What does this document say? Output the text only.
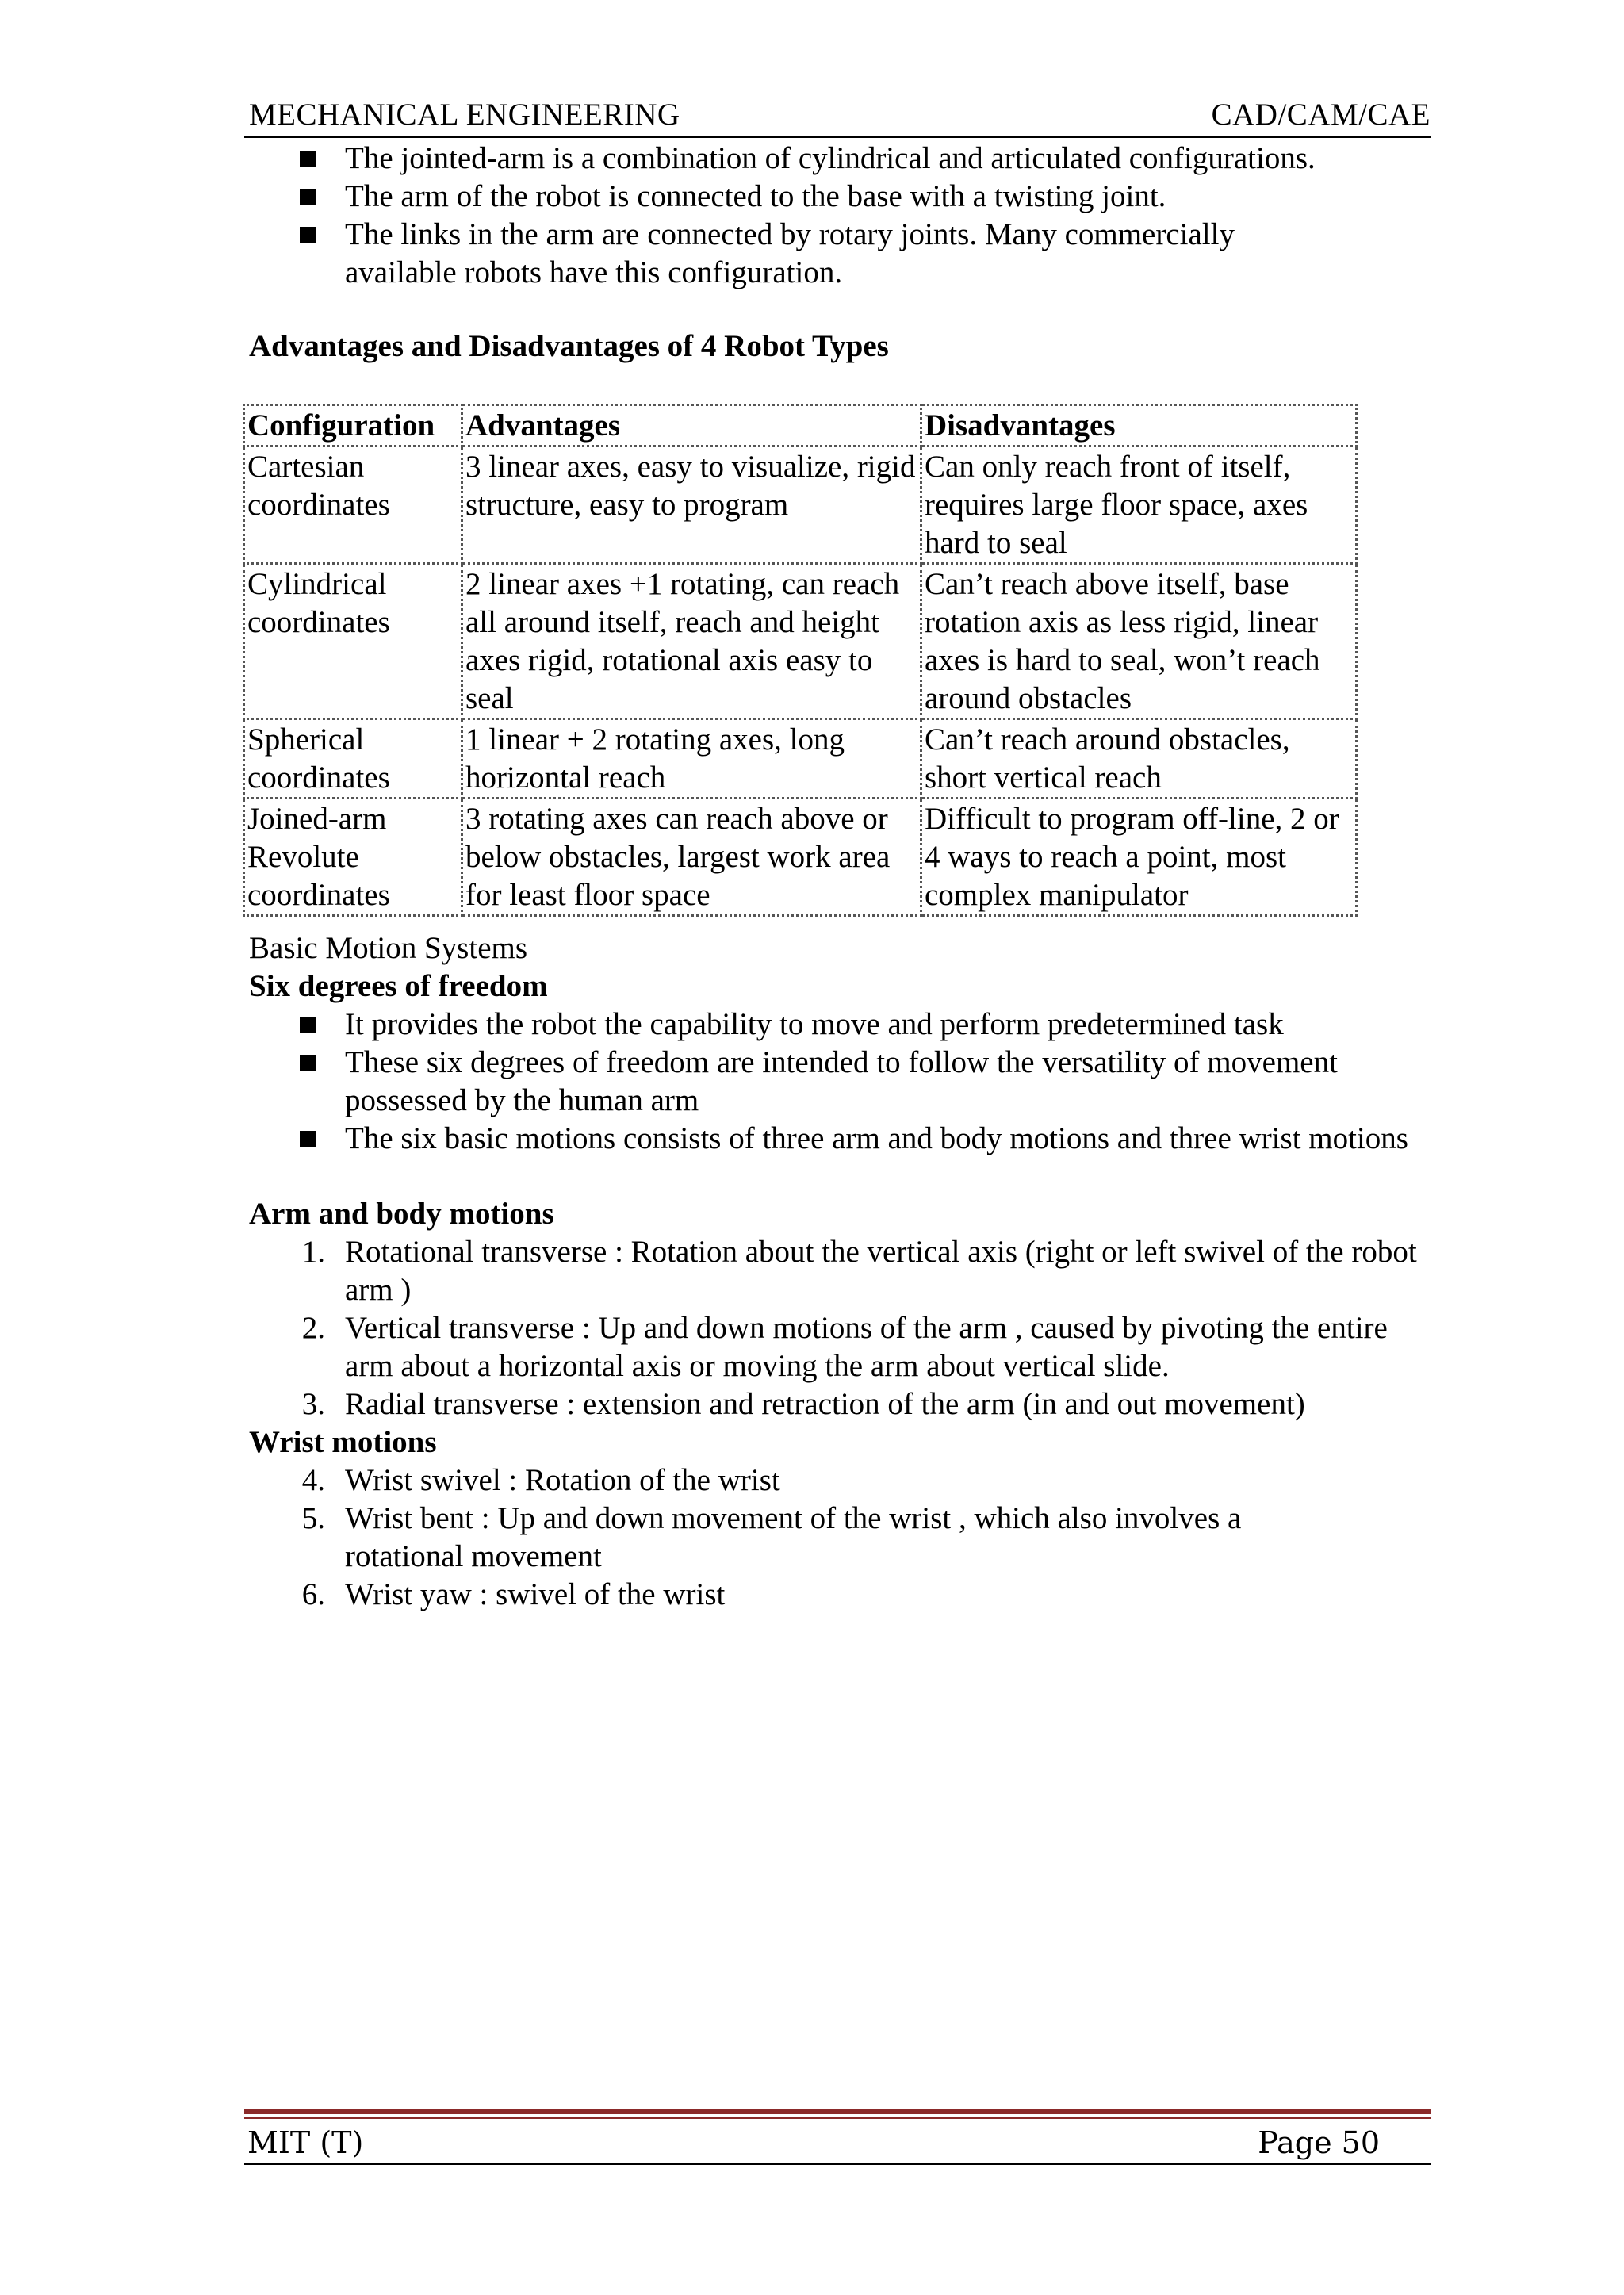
MECHANICAL ENGINEERING	CAD/CAM/CAE
The jointed-arm is a combination of cylindrical and articulated configurations.
The arm of the robot is connected to the base with a twisting joint.
The links in the arm are connected by rotary joints. Many commercially available robots have this configuration.
Advantages and Disadvantages of 4 Robot Types
Configuration	Advantages	Disadvantages
Cartesian coordinates	3 linear axes, easy to visualize, rigid structure, easy to program	Can only reach front of itself, requires large floor space, axes hard to seal
Cylindrical coordinates	2 linear axes +1 rotating, can reach all around itself, reach and height axes rigid, rotational axis easy to seal	Can’t reach above itself, base rotation axis as less rigid, linear axes is hard to seal, won’t reach around obstacles
Spherical coordinates	1 linear + 2 rotating axes, long horizontal reach	Can’t reach around obstacles, short vertical reach
Joined-arm Revolute coordinates	3 rotating axes can reach above or below obstacles, largest work area for least floor space	Difficult to program off-line, 2 or 4 ways to reach a point, most complex manipulator
Basic Motion Systems
Six degrees of freedom
It provides the robot the capability to move and perform predetermined task
These six degrees of freedom are intended to follow the versatility of movement possessed by the human arm
The six basic motions consists of three arm and body motions and three wrist motions
Arm and body motions
1. Rotational transverse : Rotation about the vertical axis (right or left swivel of the robot arm )
2. Vertical transverse : Up and down motions of the arm , caused by pivoting the entire arm about a horizontal axis or moving the arm about vertical slide.
3. Radial transverse : extension and retraction of the arm (in and out movement)
Wrist motions
4. Wrist swivel : Rotation of the wrist
5. Wrist bent : Up and down movement of the wrist , which also involves a rotational movement
6. Wrist yaw : swivel of the wrist
MIT (T)	Page 50
